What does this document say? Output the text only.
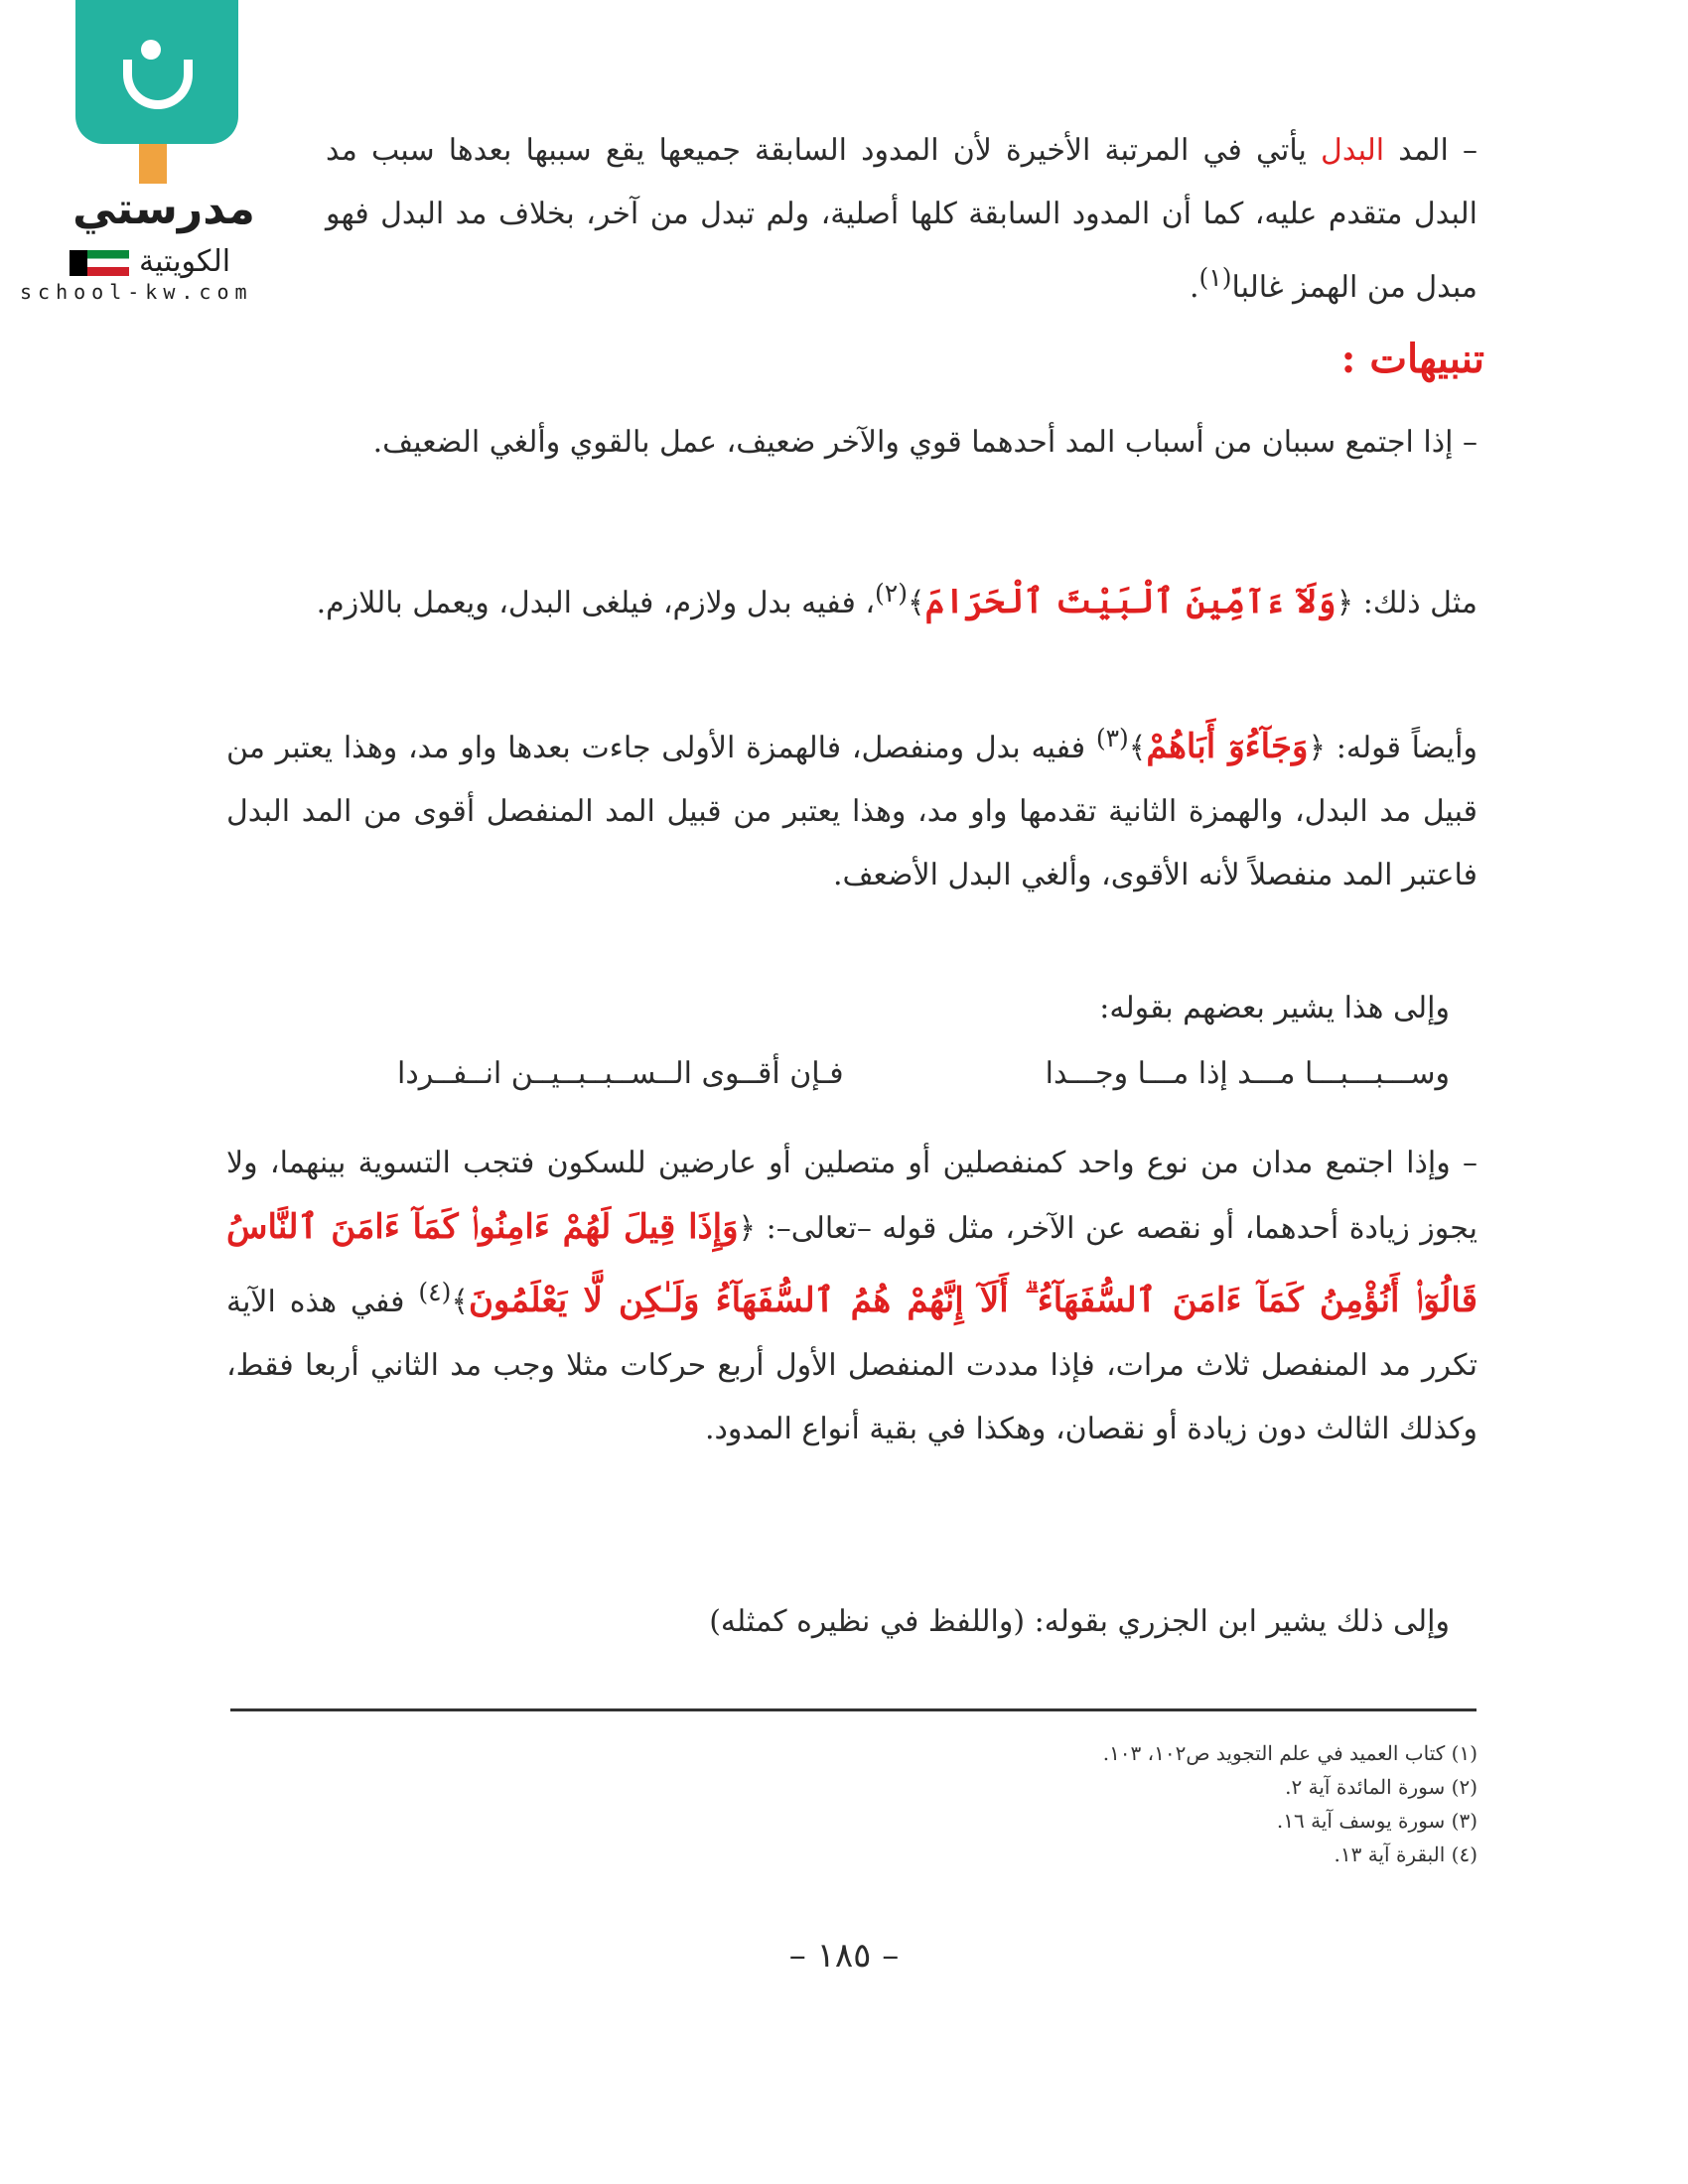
مدرستي
الكويتية
school-kw.com
– المد البدل يأتي في المرتبة الأخيرة لأن المدود السابقة جميعها يقع سببها بعدها سبب مد البدل متقدم عليه، كما أن المدود السابقة كلها أصلية، ولم تبدل من آخر، بخلاف مد البدل فهو مبدل من الهمز غالبا$^{(١)}$.
تنبيهات :
– إذا اجتمع سببان من أسباب المد أحدهما قوي والآخر ضعيف، عمل بالقوي وألغي الضعيف.
مثل ذلك: ﴿وَلَآ ءَآمِّينَ ٱلْبَيْتَ ٱلْحَرَامَ﴾$^{(٢)}$، ففيه بدل ولازم، فيلغى البدل، ويعمل باللازم.
وأيضاً قوله: ﴿وَجَآءُوٓ أَبَاهُمْ﴾$^{(٣)}$ ففيه بدل ومنفصل، فالهمزة الأولى جاءت بعدها واو مد، وهذا يعتبر من قبيل مد البدل، والهمزة الثانية تقدمها واو مد، وهذا يعتبر من قبيل المد المنفصل أقوى من المد البدل فاعتبر المد منفصلاً لأنه الأقوى، وألغي البدل الأضعف.
وإلى هذا يشير بعضهم بقوله:
وســـبـــبـــا مـــد إذا مـــا وجـــدا
فـإن أقــوى الــســبــبــيــن انــفــردا
– وإذا اجتمع مدان من نوع واحد كمنفصلين أو متصلين أو عارضين للسكون فتجب التسوية بينهما، ولا يجوز زيادة أحدهما، أو نقصه عن الآخر، مثل قوله –تعالى–: ﴿وَإِذَا قِيلَ لَهُمْ ءَامِنُوا۟ كَمَآ ءَامَنَ ٱلنَّاسُ قَالُوٓا۟ أَنُؤْمِنُ كَمَآ ءَامَنَ ٱلسُّفَهَآءُ ۗ أَلَآ إِنَّهُمْ هُمُ ٱلسُّفَهَآءُ وَلَـٰكِن لَّا يَعْلَمُونَ﴾$^{(٤)}$ ففي هذه الآية تكرر مد المنفصل ثلاث مرات، فإذا مددت المنفصل الأول أربع حركات مثلا وجب مد الثاني أربعا فقط، وكذلك الثالث دون زيادة أو نقصان، وهكذا في بقية أنواع المدود.
وإلى ذلك يشير ابن الجزري بقوله: (واللفظ في نظيره كمثله)
(١) كتاب العميد في علم التجويد ص١٠٢، ١٠٣.
(٢) سورة المائدة آية ٢.
(٣) سورة يوسف آية ١٦.
(٤) البقرة آية ١٣.
– ١٨٥ –
